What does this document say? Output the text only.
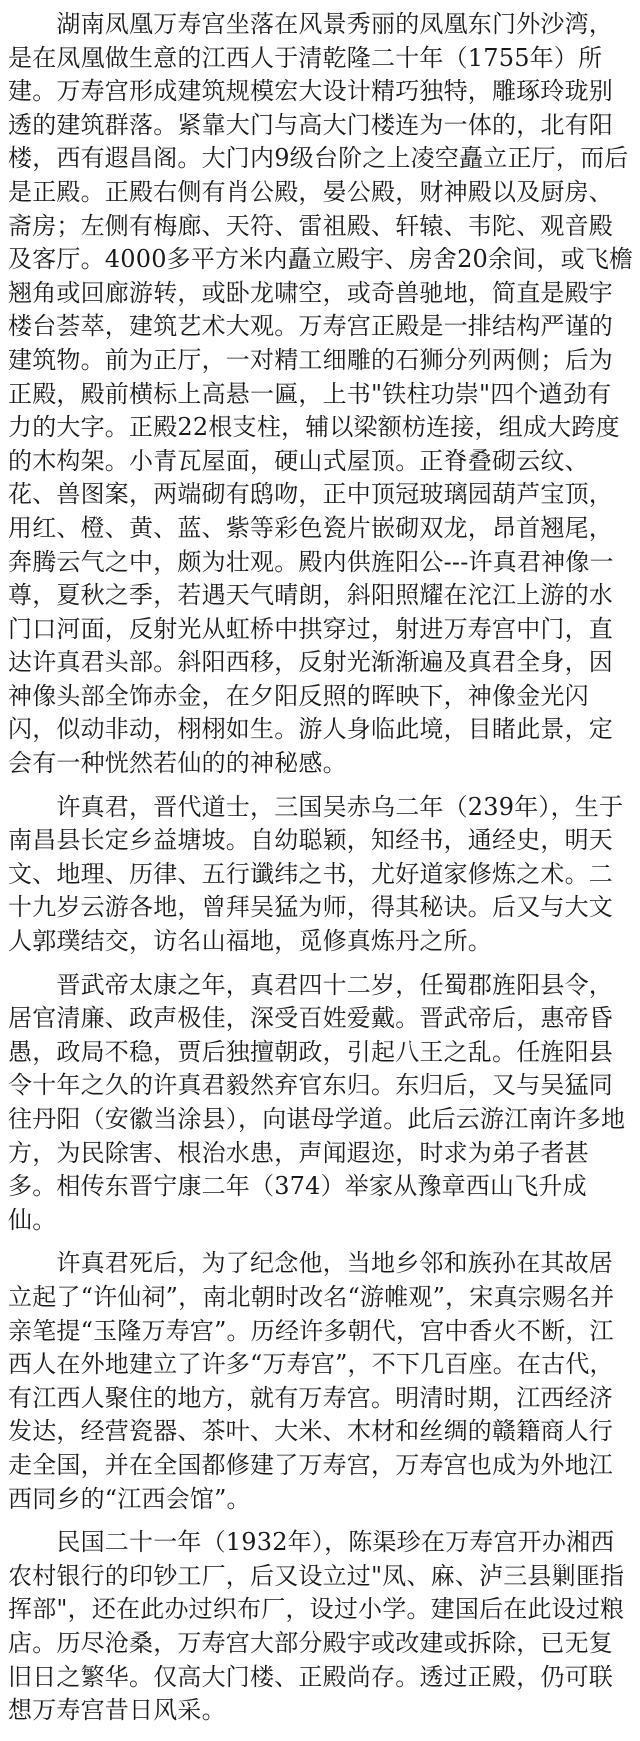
　　湖南凤凰万寿宫坐落在风景秀丽的凤凰东门外沙湾，是在凤凰做生意的江西人于清乾隆二十年（1755年）所建。万寿宫形成建筑规模宏大设计精巧独特，雕琢玲珑别透的建筑群落。紧靠大门与高大门楼连为一体的，北有阳楼，西有遐昌阁。大门内9级台阶之上凌空矗立正厅，而后是正殿。正殿右侧有肖公殿，晏公殿，财神殿以及厨房、斋房；左侧有梅廊、天符、雷祖殿、轩辕、韦陀、观音殿及客厅。4000多平方米内矗立殿宇、房舍20余间，或飞檐翘角或回廊游转，或卧龙啸空，或奇兽驰地，简直是殿宇楼台荟萃，建筑艺术大观。万寿宫正殿是一排结构严谨的建筑物。前为正厅，一对精工细雕的石狮分列两侧；后为正殿，殿前横标上高悬一匾，上书"铁柱功崇"四个遒劲有力的大字。正殿22根支柱，辅以梁额枋连接，组成大跨度的木构架。小青瓦屋面，硬山式屋顶。正脊叠砌云纹、花、兽图案，两端砌有鸱吻，正中顶冠玻璃园葫芦宝顶，用红、橙、黄、蓝、紫等彩色瓷片嵌砌双龙，昂首翘尾，奔腾云气之中，颇为壮观。殿内供旌阳公---许真君神像一尊，夏秋之季，若遇天气晴朗，斜阳照耀在沱江上游的水门口河面，反射光从虹桥中拱穿过，射进万寿宫中门，直达许真君头部。斜阳西移，反射光渐渐遍及真君全身，因神像头部全饰赤金，在夕阳反照的晖映下，神像金光闪闪，似动非动，栩栩如生。游人身临此境，目睹此景，定会有一种恍然若仙的的神秘感。

　　许真君，晋代道士，三国吴赤乌二年（239年），生于南昌县长定乡益塘坡。自幼聪颖，知经书，通经史，明天文、地理、历律、五行谶纬之书，尤好道家修炼之术。二十九岁云游各地，曾拜吴猛为师，得其秘诀。后又与大文人郭璞结交，访名山福地，觅修真炼丹之所。

　　晋武帝太康之年，真君四十二岁，任蜀郡旌阳县令，居官清廉、政声极佳，深受百姓爱戴。晋武帝后，惠帝昏愚，政局不稳，贾后独擅朝政，引起八王之乱。任旌阳县令十年之久的许真君毅然弃官东归。东归后，又与吴猛同往丹阳（安徽当涂县），向谌母学道。此后云游江南许多地方，为民除害、根治水患，声闻遐迩，时求为弟子者甚多。相传东晋宁康二年（374）举家从豫章西山飞升成仙。

　　许真君死后，为了纪念他，当地乡邻和族孙在其故居立起了“许仙祠”，南北朝时改名“游帷观”，宋真宗赐名并亲笔提“玉隆万寿宫”。历经许多朝代，宫中香火不断，江西人在外地建立了许多“万寿宫”，不下几百座。在古代，有江西人聚住的地方，就有万寿宫。明清时期，江西经济发达，经营瓷器、茶叶、大米、木材和丝绸的赣籍商人行走全国，并在全国都修建了万寿宫，万寿宫也成为外地江西同乡的“江西会馆”。

　　民国二十一年（1932年），陈渠珍在万寿宫开办湘西农村银行的印钞工厂，后又设立过"凤、麻、泸三县剿匪指挥部"，还在此办过织布厂，设过小学。建国后在此设过粮店。历尽沧桑，万寿宫大部分殿宇或改建或拆除，已无复旧日之繁华。仅高大门楼、正殿尚存。透过正殿，仍可联想万寿宫昔日风采。
